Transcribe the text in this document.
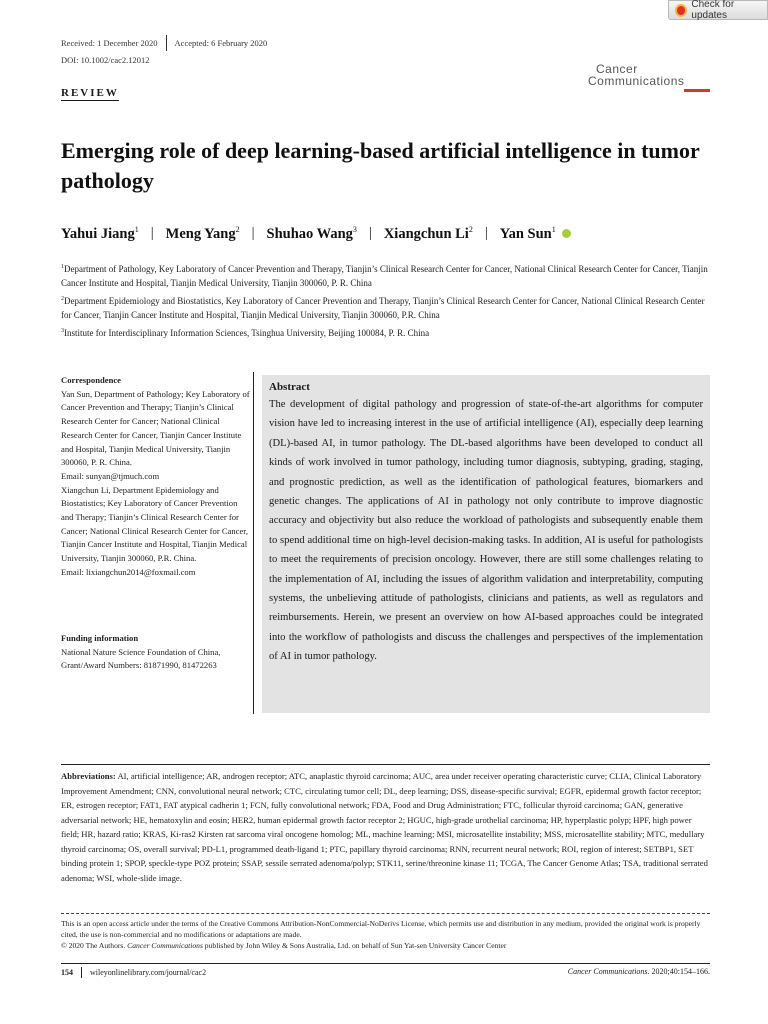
Check for updates
Received: 1 December 2020 Accepted: 6 February 2020
DOI: 10.1002/cac2.12012
Cancer
Communications
REVIEW
Emerging role of deep learning-based artificial intelligence in tumor pathology
Yahui Jiang$^1$ | Meng Yang$^2$ | Shuhao Wang$^3$ | Xiangchun Li$^2$ | Yan Sun$^1$
$^1$Department of Pathology, Key Laboratory of Cancer Prevention and Therapy, Tianjin’s Clinical Research Center for Cancer, National Clinical Research Center for Cancer, Tianjin Cancer Institute and Hospital, Tianjin Medical University, Tianjin 300060, P. R. China
$^2$Department Epidemiology and Biostatistics, Key Laboratory of Cancer Prevention and Therapy, Tianjin’s Clinical Research Center for Cancer, National Clinical Research Center for Cancer, Tianjin Cancer Institute and Hospital, Tianjin Medical University, Tianjin 300060, P.R. China
$^3$Institute for Interdisciplinary Information Sciences, Tsinghua University, Beijing 100084, P. R. China
Correspondence
Yan Sun, Department of Pathology; Key Laboratory of Cancer Prevention and Therapy; Tianjin’s Clinical Research Center for Cancer; National Clinical Research Center for Cancer, Tianjin Cancer Institute and Hospital, Tianjin Medical University, Tianjin 300060, P. R. China.
Email: sunyan@tjmuch.com
Xiangchun Li, Department Epidemiology and Biostatistics; Key Laboratory of Cancer Prevention and Therapy; Tianjin’s Clinical Research Center for Cancer; National Clinical Research Center for Cancer, Tianjin Cancer Institute and Hospital, Tianjin Medical University, Tianjin 300060, P.R. China.
Email: lixiangchun2014@foxmail.com
Funding information
National Nature Science Foundation of China, Grant/Award Numbers: 81871990, 81472263
Abstract
The development of digital pathology and progression of state-of-the-art algorithms for computer vision have led to increasing interest in the use of artificial intelligence (AI), especially deep learning (DL)-based AI, in tumor pathology. The DL-based algorithms have been developed to conduct all kinds of work involved in tumor pathology, including tumor diagnosis, subtyping, grading, staging, and prognostic prediction, as well as the identification of pathological features, biomarkers and genetic changes. The applications of AI in pathology not only contribute to improve diagnostic accuracy and objectivity but also reduce the workload of pathologists and subsequently enable them to spend additional time on high-level decision-making tasks. In addition, AI is useful for pathologists to meet the requirements of precision oncology. However, there are still some challenges relating to the implementation of AI, including the issues of algorithm validation and interpretability, computing systems, the unbelieving attitude of pathologists, clinicians and patients, as well as regulators and reimbursements. Herein, we present an overview on how AI-based approaches could be integrated into the workflow of pathologists and discuss the challenges and perspectives of the implementation of AI in tumor pathology.
Abbreviations: AI, artificial intelligence; AR, androgen receptor; ATC, anaplastic thyroid carcinoma; AUC, area under receiver operating characteristic curve; CLIA, Clinical Laboratory Improvement Amendment; CNN, convolutional neural network; CTC, circulating tumor cell; DL, deep learning; DSS, disease-specific survival; EGFR, epidermal growth factor receptor; ER, estrogen receptor; FAT1, FAT atypical cadherin 1; FCN, fully convolutional network; FDA, Food and Drug Administration; FTC, follicular thyroid carcinoma; GAN, generative adversarial network; HE, hematoxylin and eosin; HER2, human epidermal growth factor receptor 2; HGUC, high-grade urothelial carcinoma; HP, hyperplastic polyp; HPF, high power field; HR, hazard ratio; KRAS, Ki-ras2 Kirsten rat sarcoma viral oncogene homolog; ML, machine learning; MSI, microsatellite instability; MSS, microsatellite stability; MTC, medullary thyroid carcinoma; OS, overall survival; PD-L1, programmed death-ligand 1; PTC, papillary thyroid carcinoma; RNN, recurrent neural network; ROI, region of interest; SETBP1, SET binding protein 1; SPOP, speckle-type POZ protein; SSAP, sessile serrated adenoma/polyp; STK11, serine/threonine kinase 11; TCGA, The Cancer Genome Atlas; TSA, traditional serrated adenoma; WSI, whole-slide image.
This is an open access article under the terms of the Creative Commons Attribution-NonCommercial-NoDerivs License, which permits use and distribution in any medium, provided the original work is properly cited, the use is non-commercial and no modifications or adaptations are made.
© 2020 The Authors. Cancer Communications published by John Wiley & Sons Australia, Ltd. on behalf of Sun Yat-sen University Cancer Center
154 wileyonlinelibrary.com/journal/cac2	Cancer Communications. 2020;40:154–166.
